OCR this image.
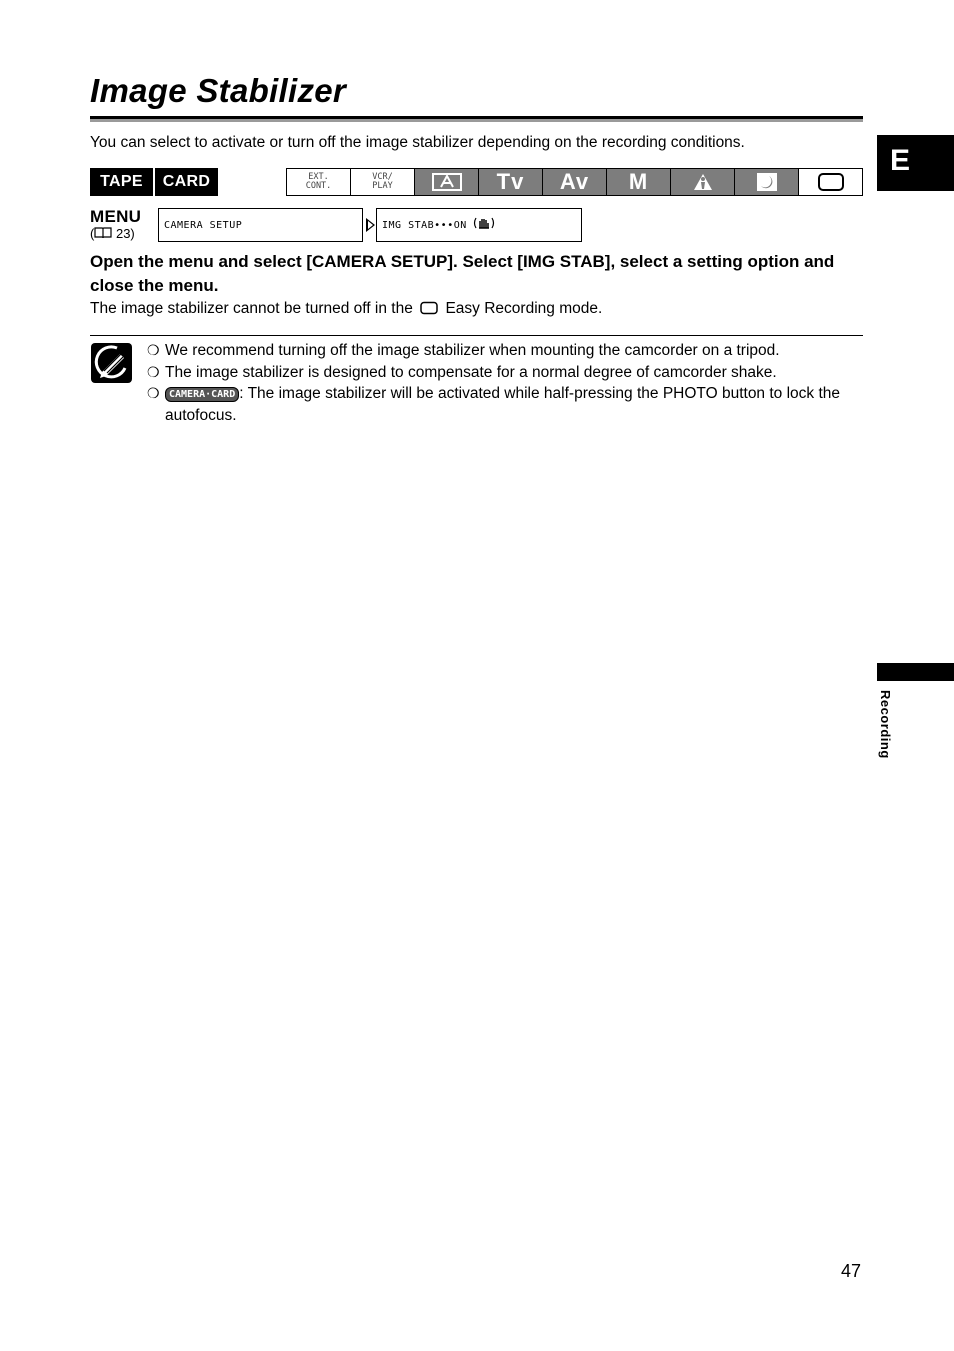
Image Stabilizer
You can select to activate or turn off the image stabilizer depending on the recording conditions.
E
TAPE	CARD	EXT.
CONT.
VCR/
PLAY	Tv Av M
MENU
( 23)
CAMERA SETUP	IMG STAB•••ON
Open the menu and select [CAMERA SETUP]. Select [IMG STAB], select a setting option and close the menu.
The image stabilizer cannot be turned off in the Easy Recording mode.
❍ We recommend turning off the image stabilizer when mounting the camcorder on a tripod.
❍ The image stabilizer is designed to compensate for a normal degree of camcorder shake.
❍ CAMERA·CARD : The image stabilizer will be activated while half-pressing the PHOTO button to lock the autofocus.
Recording
47
